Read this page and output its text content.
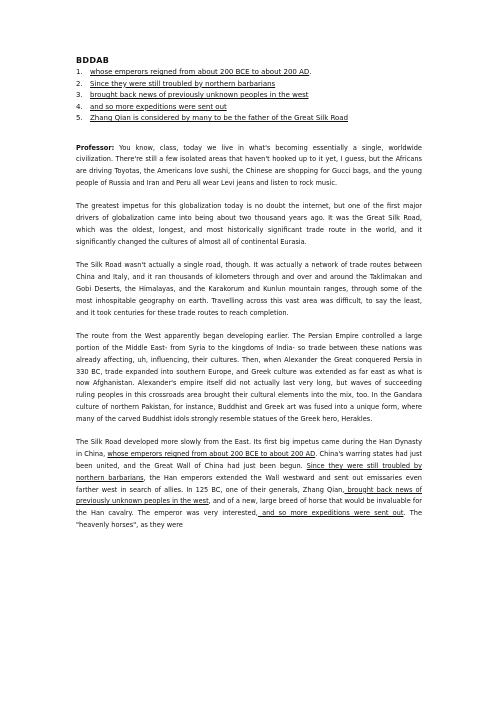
BDDAB
1.	whose emperors reigned from about 200 BCE to about 200 AD.
2.	Since they were still troubled by northern barbarians
3.	brought back news of previously unknown peoples in the west
4.	and so more expeditions were sent out
5.	Zhang Qian is considered by many to be the father of the Great Silk Road

Professor: You know, class, today we live in what's becoming essentially a single, worldwide civilization. There're still a few isolated areas that haven't hooked up to it yet, I guess, but the Africans are driving Toyotas, the Americans love sushi, the Chinese are shopping for Gucci bags, and the young people of Russia and Iran and Peru all wear Levi jeans and listen to rock music.

The greatest impetus for this globalization today is no doubt the internet, but one of the first major drivers of globalization came into being about two thousand years ago. It was the Great Silk Road, which was the oldest, longest, and most historically significant trade route in the world, and it significantly changed the cultures of almost all of continental Eurasia.

The Silk Road wasn't actually a single road, though. It was actually a network of trade routes between China and Italy, and it ran thousands of kilometers through and over and around the Taklimakan and Gobi Deserts, the Himalayas, and the Karakorum and Kunlun mountain ranges, through some of the most inhospitable geography on earth. Travelling across this vast area was difficult, to say the least, and it took centuries for these trade routes to reach completion.

The route from the West apparently began developing earlier. The Persian Empire controlled a large portion of the Middle East- from Syria to the kingdoms of India- so trade between these nations was already affecting, uh, influencing, their cultures. Then, when Alexander the Great conquered Persia in 330 BC, trade expanded into southern Europe, and Greek culture was extended as far east as what is now Afghanistan. Alexander's empire itself did not actually last very long, but waves of succeeding ruling peoples in this crossroads area brought their cultural elements into the mix, too. In the Gandara culture of northern Pakistan, for instance, Buddhist and Greek art was fused into a unique form, where many of the carved Buddhist idols strongly resemble statues of the Greek hero, Herakles.

The Silk Road developed more slowly from the East. Its first big impetus came during the Han Dynasty in China, whose emperors reigned from about 200 BCE to about 200 AD. China's warring states had just been united, and the Great Wall of China had just been begun. Since they were still troubled by northern barbarians, the Han emperors extended the Wall westward and sent out emissaries even farther west in search of allies. In 125 BC, one of their generals, Zhang Qian, brought back news of previously unknown peoples in the west, and of a new, large breed of horse that would be invaluable for the Han cavalry. The emperor was very interested, and so more expeditions were sent out. The "heavenly horses", as they were
